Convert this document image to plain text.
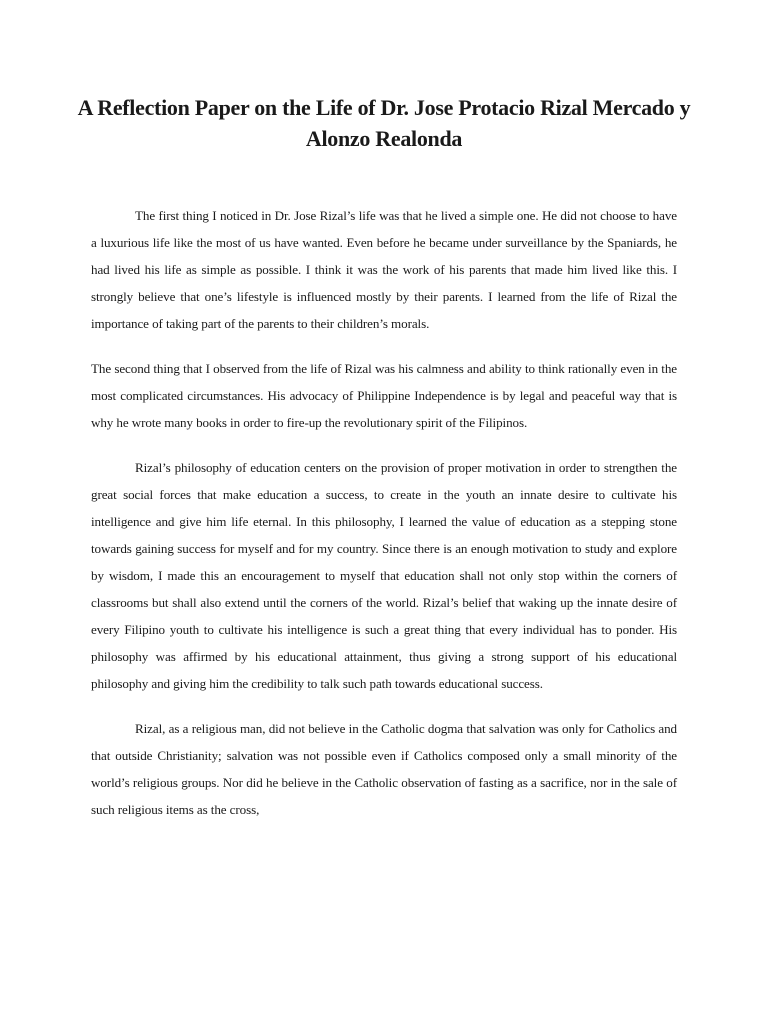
A Reflection Paper on the Life of Dr. Jose Protacio Rizal Mercado y Alonzo Realonda

The first thing I noticed in Dr. Jose Rizal’s life was that he lived a simple one. He did not choose to have a luxurious life like the most of us have wanted. Even before he became under surveillance by the Spaniards, he had lived his life as simple as possible. I think it was the work of his parents that made him lived like this. I strongly believe that one’s lifestyle is influenced mostly by their parents. I learned from the life of Rizal the importance of taking part of the parents to their children’s morals.

The second thing that I observed from the life of Rizal was his calmness and ability to think rationally even in the most complicated circumstances. His advocacy of Philippine Independence is by legal and peaceful way that is why he wrote many books in order to fire-up the revolutionary spirit of the Filipinos.

Rizal’s philosophy of education centers on the provision of proper motivation in order to strengthen the great social forces that make education a success, to create in the youth an innate desire to cultivate his intelligence and give him life eternal. In this philosophy, I learned the value of education as a stepping stone towards gaining success for myself and for my country. Since there is an enough motivation to study and explore by wisdom, I made this an encouragement to myself that education shall not only stop within the corners of classrooms but shall also extend until the corners of the world. Rizal’s belief that waking up the innate desire of every Filipino youth to cultivate his intelligence is such a great thing that every individual has to ponder. His philosophy was affirmed by his educational attainment, thus giving a strong support of his educational philosophy and giving him the credibility to talk such path towards educational success.

Rizal, as a religious man, did not believe in the Catholic dogma that salvation was only for Catholics and that outside Christianity; salvation was not possible even if Catholics composed only a small minority of the world’s religious groups. Nor did he believe in the Catholic observation of fasting as a sacrifice, nor in the sale of such religious items as the cross,
